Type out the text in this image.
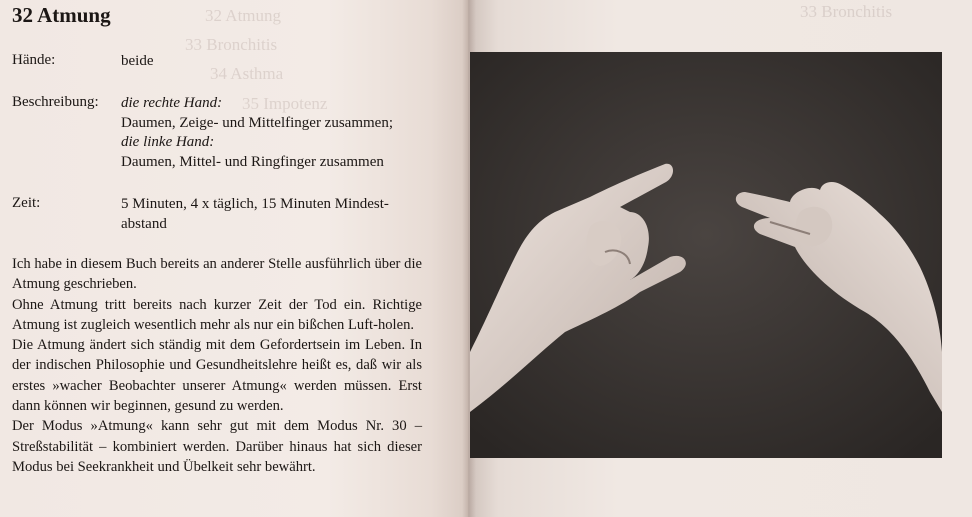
32 Atmung
33 Bronchitis
34 Asthma
35 Impotenz
33 Bronchitis
32 Atmung
Hände:	beide
Beschreibung: die rechte Hand:
Daumen, Zeige- und Mittelfinger zusammen;
die linke Hand:
Daumen, Mittel- und Ringfinger zusammen
Zeit:	5 Minuten, 4 x täglich, 15 Minuten Mindest-
abstand

Ich habe in diesem Buch bereits an anderer Stelle ausführlich über die Atmung geschrieben.

Ohne Atmung tritt bereits nach kurzer Zeit der Tod ein. Richtige Atmung ist zugleich wesentlich mehr als nur ein bißchen Luft-holen.

Die Atmung ändert sich ständig mit dem Gefordertsein im Leben. In der indischen Philosophie und Gesundheitslehre heißt es, daß wir als erstes »wacher Beobachter unserer Atmung« werden müssen. Erst dann können wir beginnen, gesund zu werden.

Der Modus »Atmung« kann sehr gut mit dem Modus Nr. 30 – Streßstabilität – kombiniert werden. Darüber hinaus hat sich dieser Modus bei Seekrankheit und Übelkeit sehr bewährt.
